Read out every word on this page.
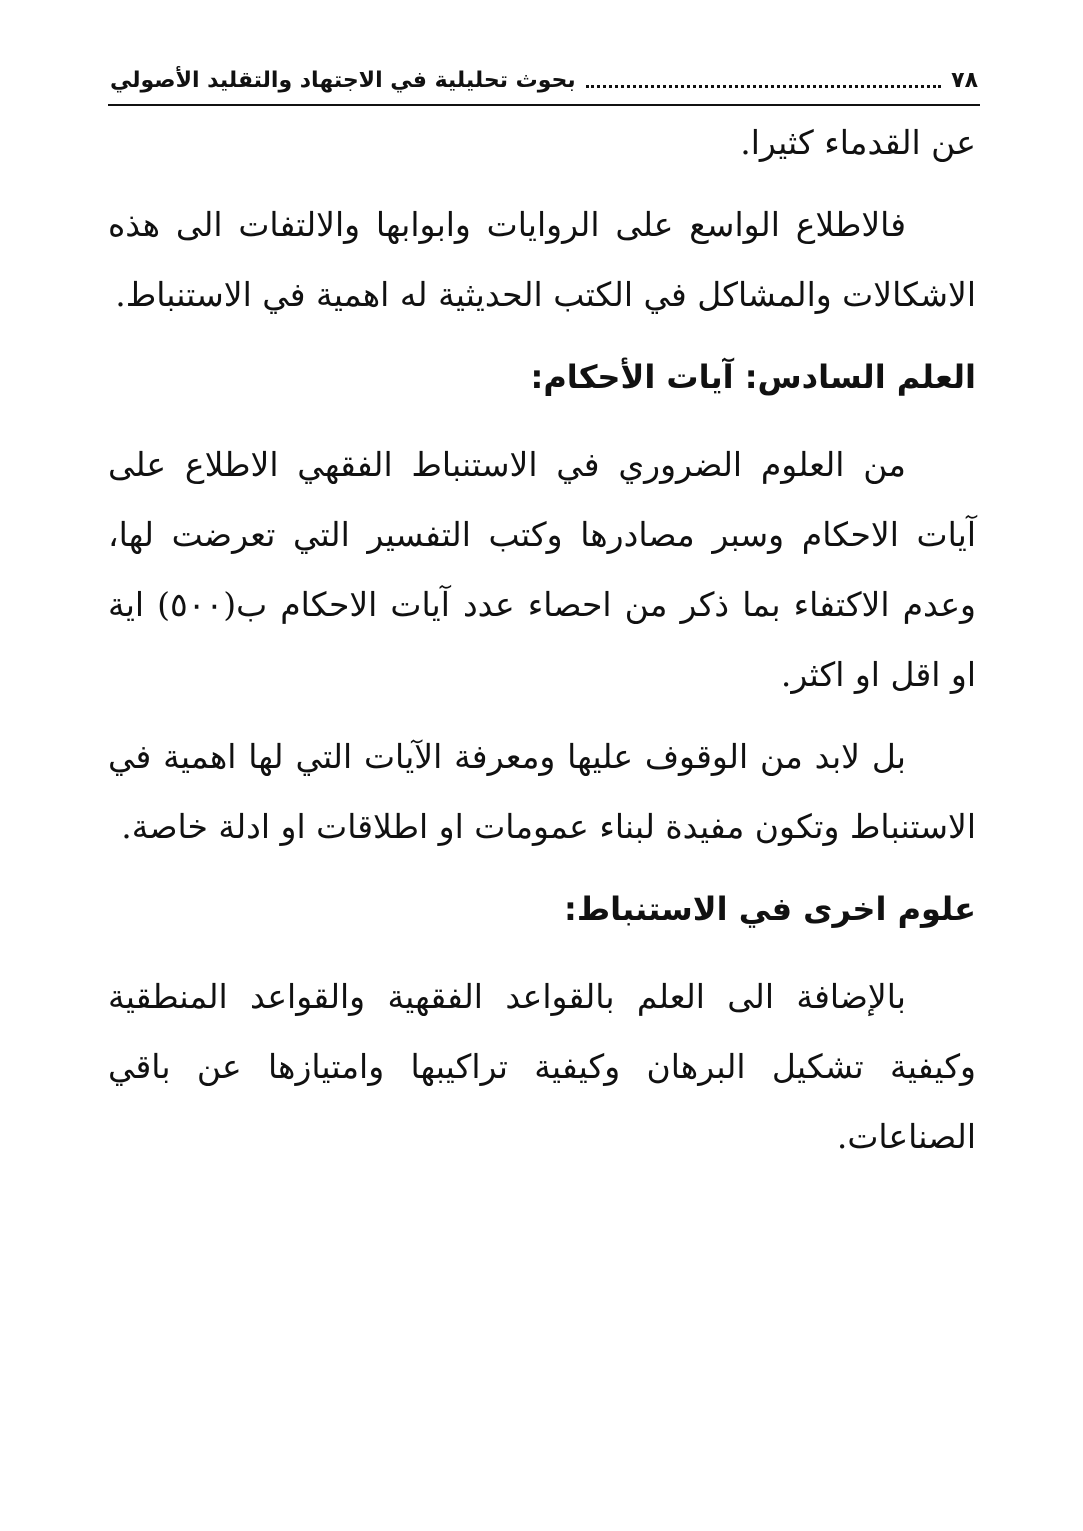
٧٨
بحوث تحليلية في الاجتهاد والتقليد الأصولي

عن القدماء كثيرا.

فالاطلاع الواسع على الروايات وابوابها والالتفات الى هذه الاشكالات والمشاكل في الكتب الحديثية له اهمية في الاستنباط.

العلم السادس: آيات الأحكام:

من العلوم الضروري في الاستنباط الفقهي الاطلاع على آيات الاحكام وسبر مصادرها وكتب التفسير التي تعرضت لها، وعدم الاكتفاء بما ذكر من احصاء عدد آيات الاحكام ب(٥٠٠) اية او اقل او اكثر.

بل لابد من الوقوف عليها ومعرفة الآيات التي لها اهمية في الاستنباط وتكون مفيدة لبناء عمومات او اطلاقات او ادلة خاصة.

علوم اخرى في الاستنباط:

بالإضافة الى العلم بالقواعد الفقهية والقواعد المنطقية وكيفية تشكيل البرهان وكيفية تراكيبها وامتيازها عن باقي الصناعات.
